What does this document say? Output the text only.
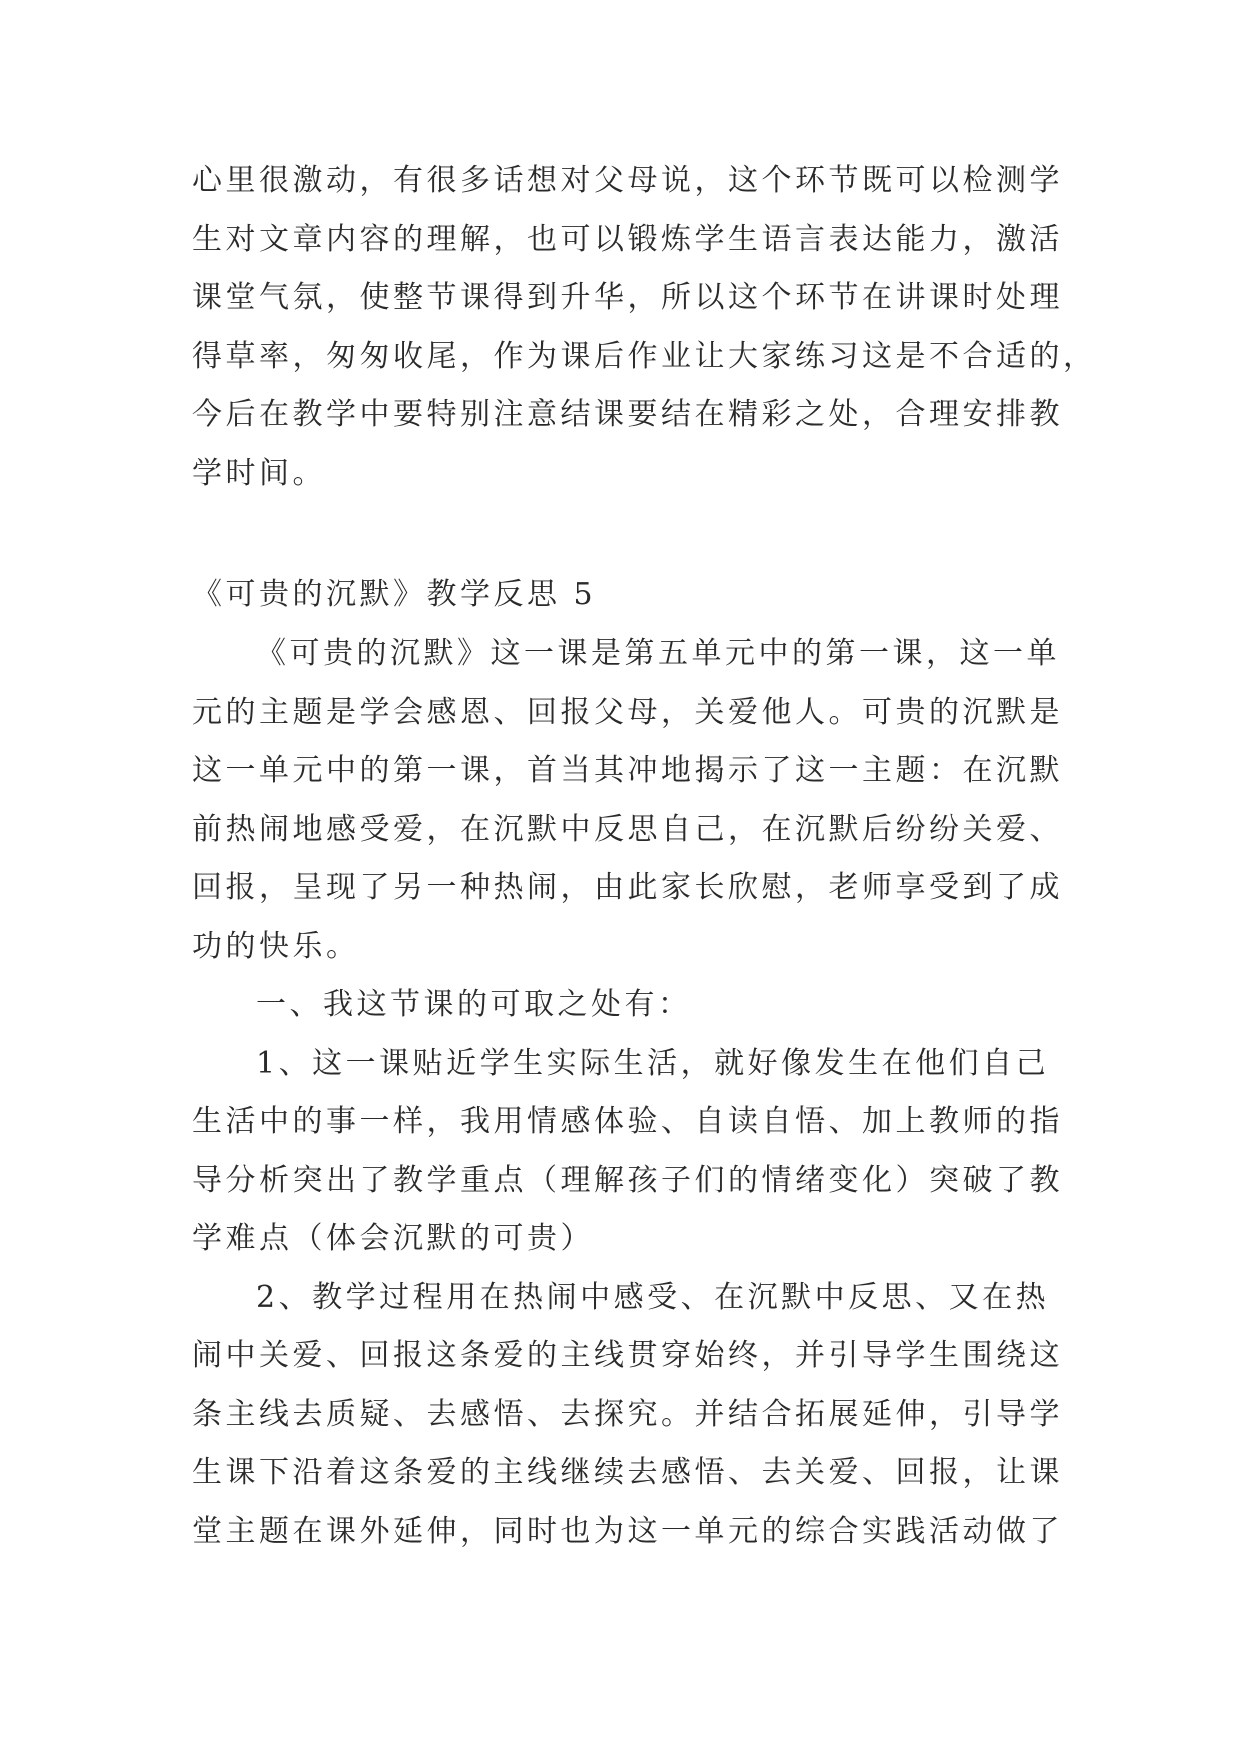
心里很激动，有很多话想对父母说，这个环节既可以检测学
生对文章内容的理解，也可以锻炼学生语言表达能力，激活
课堂气氛，使整节课得到升华，所以这个环节在讲课时处理
得草率，匆匆收尾，作为课后作业让大家练习这是不合适的，
今后在教学中要特别注意结课要结在精彩之处，合理安排教
学时间。
《可贵的沉默》教学反思 5
《可贵的沉默》这一课是第五单元中的第一课，这一单
元的主题是学会感恩、回报父母，关爱他人。可贵的沉默是
这一单元中的第一课，首当其冲地揭示了这一主题：在沉默
前热闹地感受爱，在沉默中反思自己，在沉默后纷纷关爱、
回报，呈现了另一种热闹，由此家长欣慰，老师享受到了成
功的快乐。
一、我这节课的可取之处有：
1、这一课贴近学生实际生活，就好像发生在他们自己
生活中的事一样，我用情感体验、自读自悟、加上教师的指
导分析突出了教学重点（理解孩子们的情绪变化）突破了教
学难点（体会沉默的可贵）
2、教学过程用在热闹中感受、在沉默中反思、又在热
闹中关爱、回报这条爱的主线贯穿始终，并引导学生围绕这
条主线去质疑、去感悟、去探究。并结合拓展延伸，引导学
生课下沿着这条爱的主线继续去感悟、去关爱、回报，让课
堂主题在课外延伸，同时也为这一单元的综合实践活动做了
